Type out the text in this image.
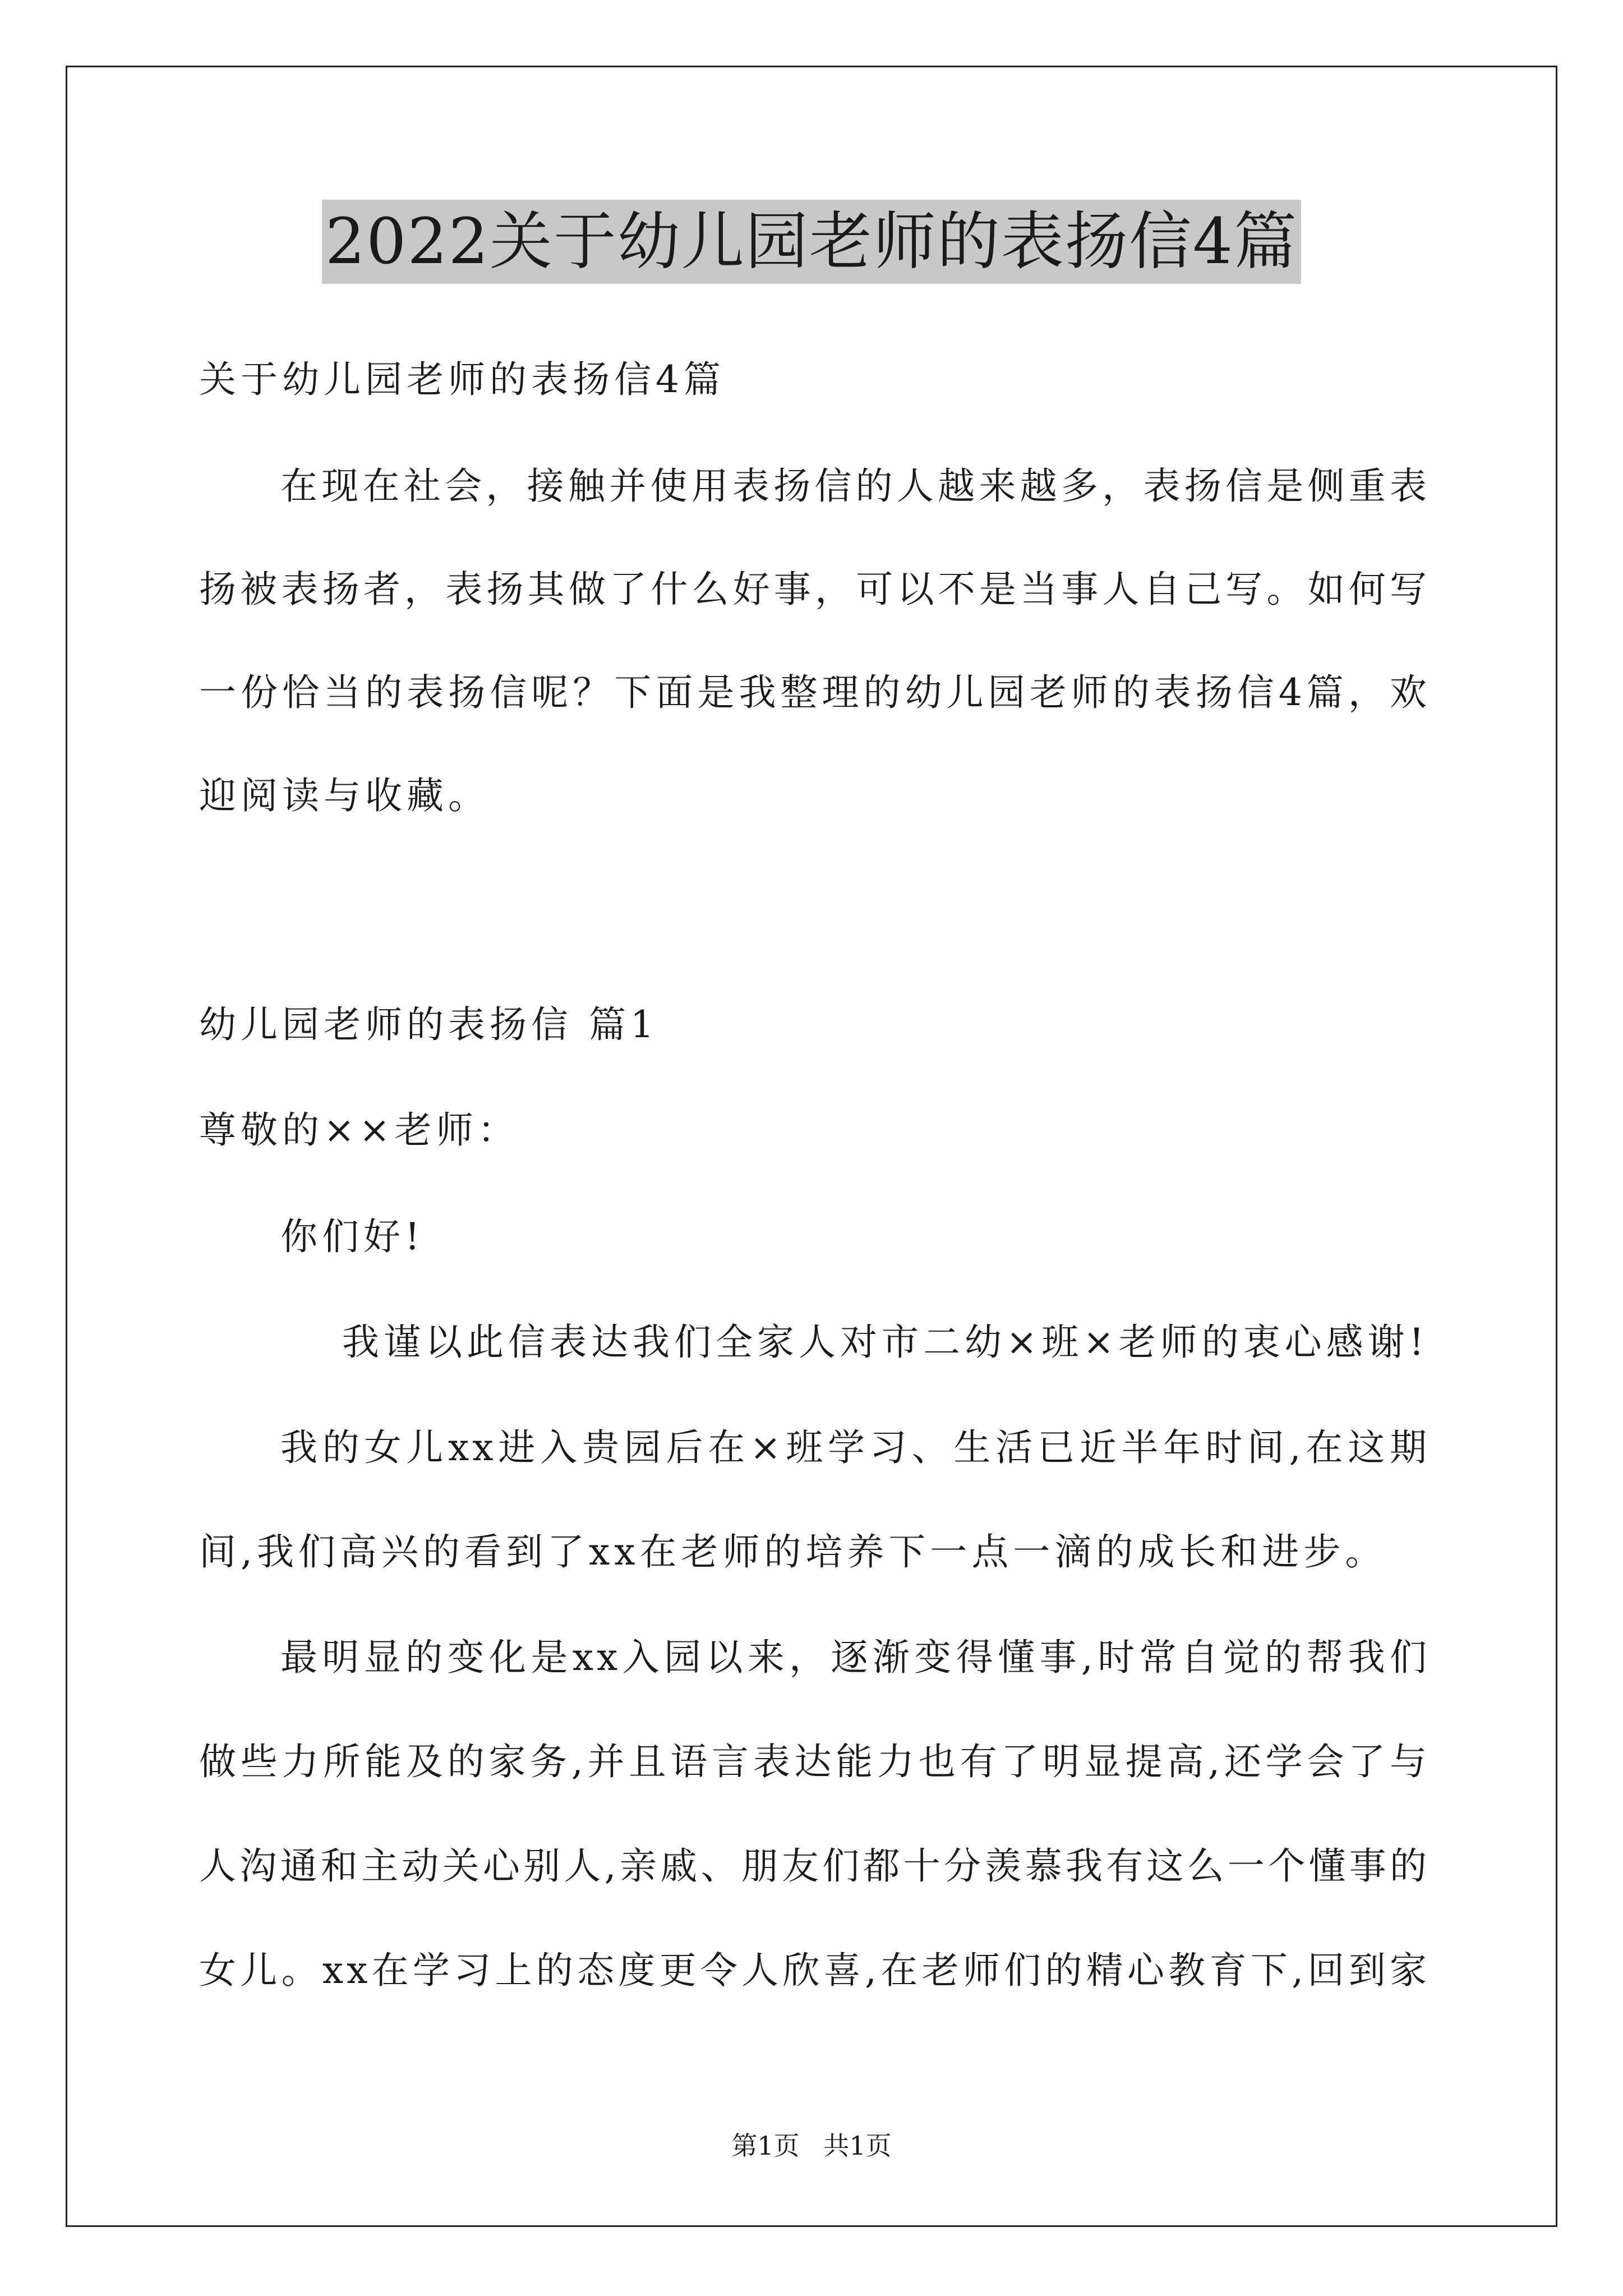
2022关于幼儿园老师的表扬信4篇
关于幼儿园老师的表扬信4篇
在现在社会，接触并使用表扬信的人越来越多，表扬信是侧重表
扬被表扬者，表扬其做了什么好事，可以不是当事人自己写。如何写
一份恰当的表扬信呢？下面是我整理的幼儿园老师的表扬信4篇，欢
迎阅读与收藏。
幼儿园老师的表扬信 篇1
尊敬的××老师：
你们好!
我谨以此信表达我们全家人对市二幼×班×老师的衷心感谢!
我的女儿xx进入贵园后在×班学习、生活已近半年时间,在这期
间,我们高兴的看到了xx在老师的培养下一点一滴的成长和进步。
最明显的变化是xx入园以来，逐渐变得懂事,时常自觉的帮我们
做些力所能及的家务,并且语言表达能力也有了明显提高,还学会了与
人沟通和主动关心别人,亲戚、朋友们都十分羡慕我有这么一个懂事的
女儿。xx在学习上的态度更令人欣喜,在老师们的精心教育下,回到家
第1页 共1页
